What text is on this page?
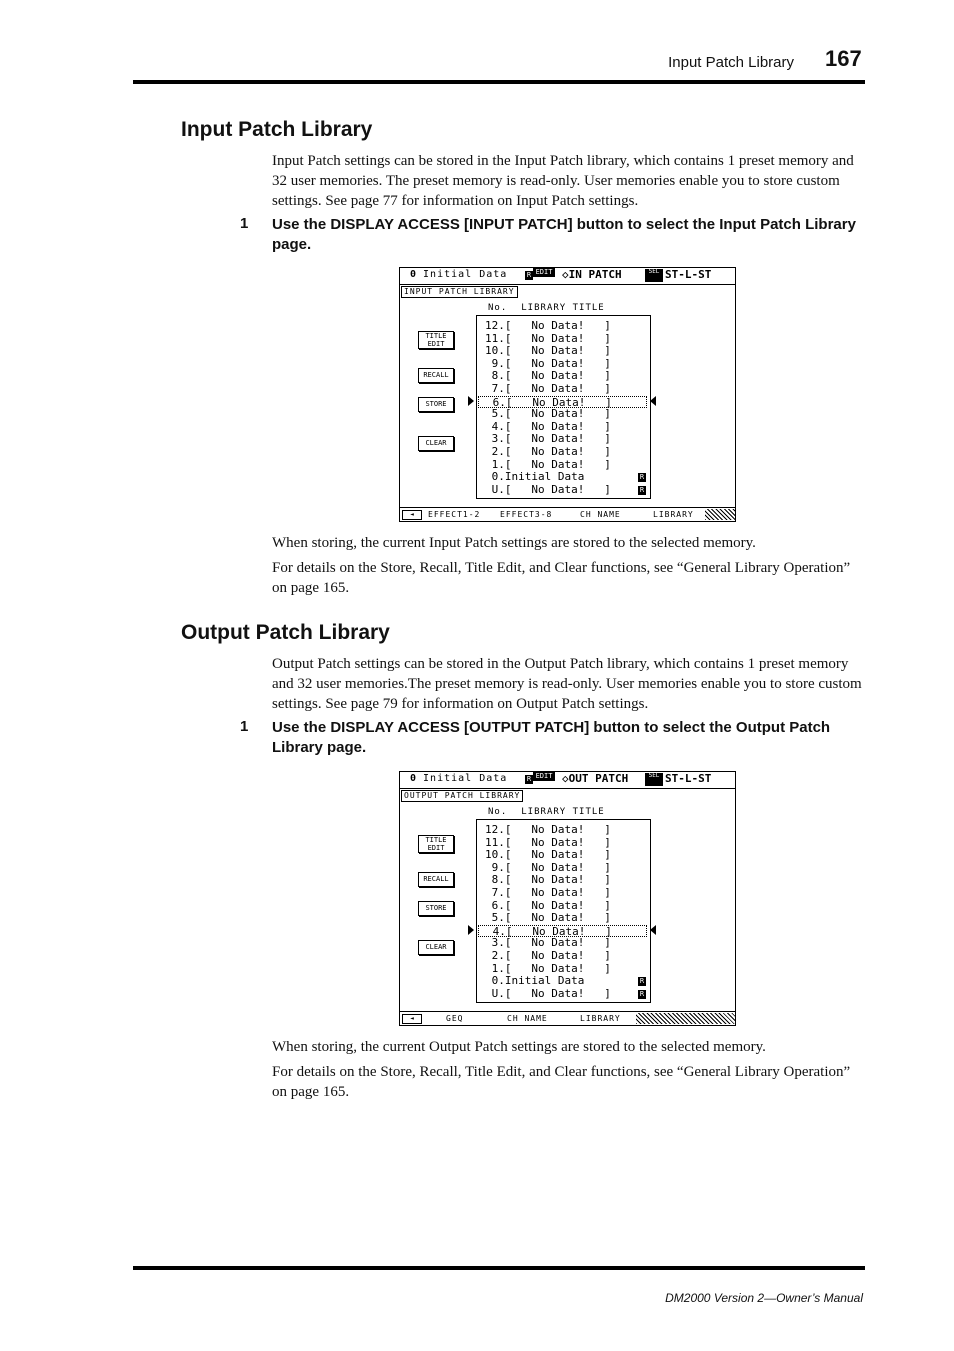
Input Patch Library 167
Input Patch Library

Input Patch settings can be stored in the Input Patch library, which contains 1 preset memory and 32 user memories. The preset memory is read-only. User memories enable you to store custom settings. See page 77 for information on Input Patch settings.

1 Use the DISPLAY ACCESS [INPUT PATCH] button to select the Input Patch Library page.
0 Initial Data	R EDIT ◇IN PATCH	SEL ST-L-ST
INPUT PATCH LIBRARY
No. LIBRARY TITLE
TITLE EDIT
RECALL
STORE
CLEAR
12.[   No Data!   ]
11.[   No Data!   ]
10.[   No Data!   ]
9.[   No Data!   ]
8.[   No Data!   ]
7.[   No Data!   ]
6.[   No Data!   ]
5.[   No Data!   ]
4.[   No Data!   ]
3.[   No Data!   ]
2.[   No Data!   ]
1.[   No Data!   ]
0.Initial Data	R
U.[   No Data!   ]	R
◄	EFFECT1-2 EFFECT3-8	CH NAME	LIBRARY

When storing, the current Input Patch settings are stored to the selected memory.

For details on the Store, Recall, Title Edit, and Clear functions, see “General Library Operation” on page 165.

Output Patch Library

Output Patch settings can be stored in the Output Patch library, which contains 1 preset memory and 32 user memories.The preset memory is read-only. User memories enable you to store custom settings. See page 79 for information on Output Patch settings.

1 Use the DISPLAY ACCESS [OUTPUT PATCH] button to select the Output Patch Library page.
0 Initial Data	R EDIT ◇OUT PATCH	SEL ST-L-ST
OUTPUT PATCH LIBRARY
No. LIBRARY TITLE
TITLE EDIT
RECALL
STORE
CLEAR
12.[   No Data!   ]
11.[   No Data!   ]
10.[   No Data!   ]
9.[   No Data!   ]
8.[   No Data!   ]
7.[   No Data!   ]
6.[   No Data!   ]
5.[   No Data!   ]
4.[   No Data!   ]
3.[   No Data!   ]
2.[   No Data!   ]
1.[   No Data!   ]
0.Initial Data	R
U.[   No Data!   ]	R
◄	GEQ	CH NAME	LIBRARY

When storing, the current Output Patch settings are stored to the selected memory.

For details on the Store, Recall, Title Edit, and Clear functions, see “General Library Operation” on page 165.

DM2000 Version 2—Owner’s Manual
